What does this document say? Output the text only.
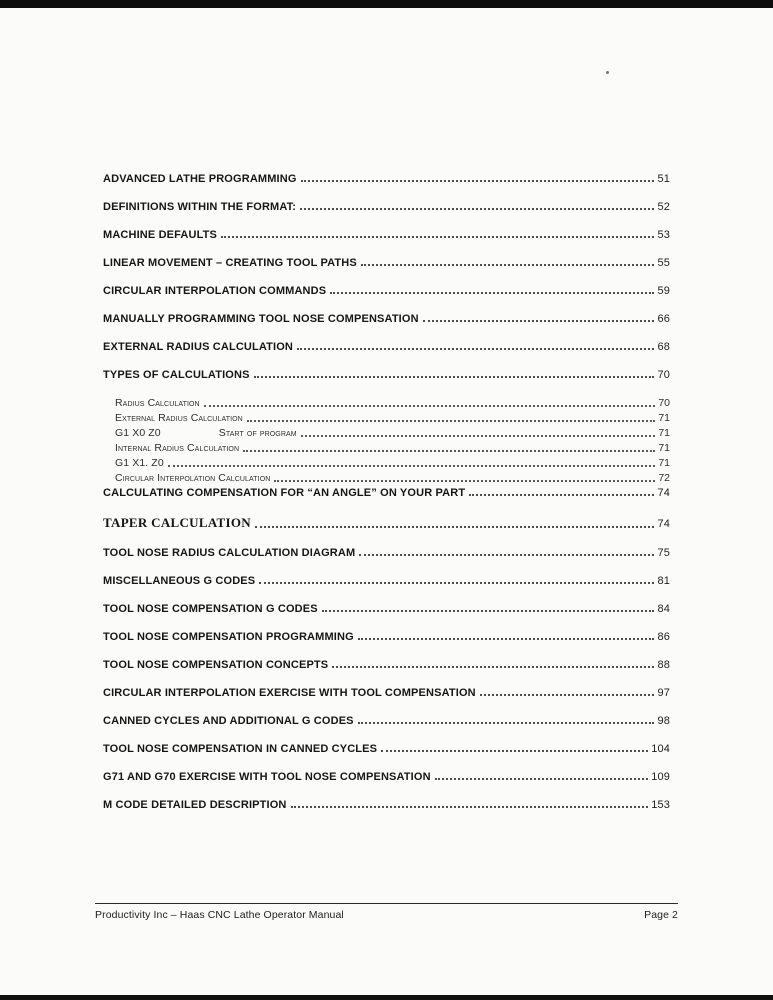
ADVANCED LATHE PROGRAMMING	51
DEFINITIONS WITHIN THE FORMAT:	52
MACHINE DEFAULTS	53
LINEAR MOVEMENT – CREATING TOOL PATHS	55
CIRCULAR INTERPOLATION COMMANDS	59
MANUALLY PROGRAMMING TOOL NOSE COMPENSATION	66
EXTERNAL RADIUS CALCULATION	68
TYPES OF CALCULATIONS	70
Radius Calculation	70
External Radius Calculation	71
G1 X0 Z0	Start of program	71
Internal Radius Calculation	71
G1 X1. Z0	71
Circular Interpolation Calculation	72
CALCULATING COMPENSATION FOR “AN ANGLE” ON YOUR PART	74
TAPER CALCULATION	74
TOOL NOSE RADIUS CALCULATION DIAGRAM	75
MISCELLANEOUS G CODES	81
TOOL NOSE COMPENSATION G CODES	84
TOOL NOSE COMPENSATION PROGRAMMING	86
TOOL NOSE COMPENSATION CONCEPTS	88
CIRCULAR INTERPOLATION EXERCISE WITH TOOL COMPENSATION	97
CANNED CYCLES AND ADDITIONAL G CODES	98
TOOL NOSE COMPENSATION IN CANNED CYCLES	104
G71 AND G70 EXERCISE WITH TOOL NOSE COMPENSATION	109
M CODE DETAILED DESCRIPTION	153
Productivity Inc – Haas CNC Lathe Operator Manual	Page 2
